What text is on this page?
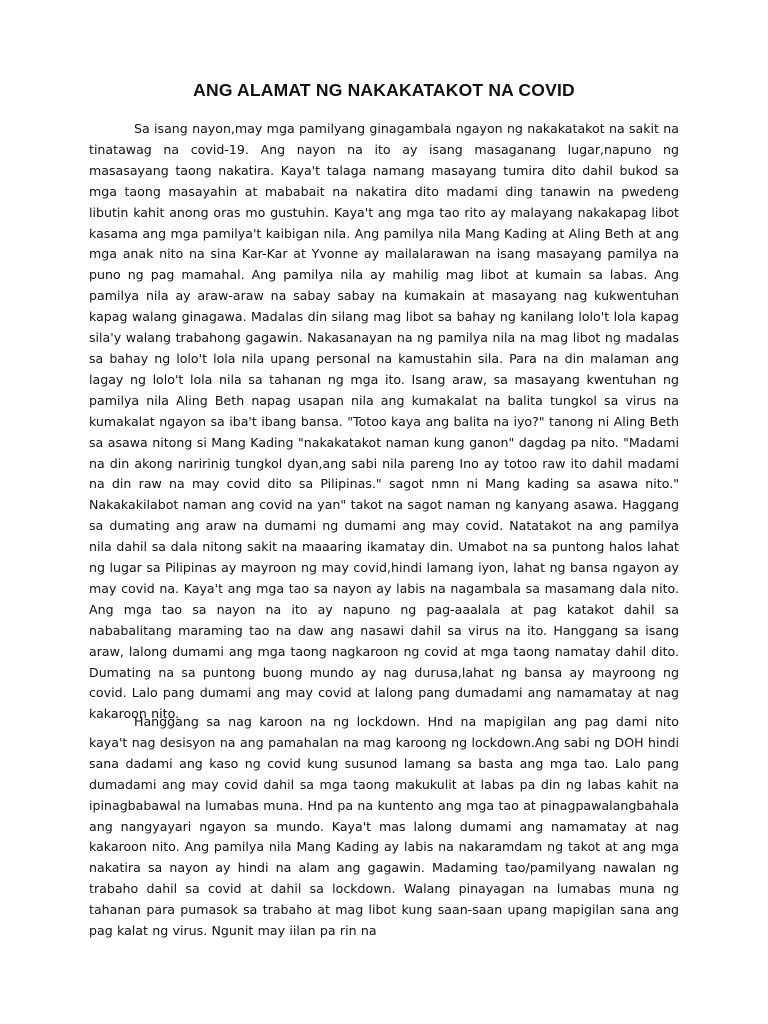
ANG ALAMAT NG NAKAKATAKOT NA COVID

Sa isang nayon,may mga pamilyang ginagambala ngayon ng nakakatakot na sakit na tinatawag na covid-19. Ang nayon na ito ay isang masaganang lugar,napuno ng masasayang taong nakatira. Kaya't talaga namang masayang tumira dito dahil bukod sa mga taong masayahin at mababait na nakatira dito madami ding tanawin na pwedeng libutin kahit anong oras mo gustuhin. Kaya't ang mga tao rito ay malayang nakakapag libot kasama ang mga pamilya't kaibigan nila. Ang pamilya nila Mang Kading at Aling Beth at ang mga anak nito na sina Kar-Kar at Yvonne ay mailalarawan na isang masayang pamilya na puno ng pag mamahal. Ang pamilya nila ay mahilig mag libot at kumain sa labas. Ang pamilya nila ay araw-araw na sabay sabay na kumakain at masayang nag kukwentuhan kapag walang ginagawa. Madalas din silang mag libot sa bahay ng kanilang lolo't lola kapag sila'y walang trabahong gagawin. Nakasanayan na ng pamilya nila na mag libot ng madalas sa bahay ng lolo't lola nila upang personal na kamustahin sila. Para na din malaman ang lagay ng lolo't lola nila sa tahanan ng mga ito. Isang araw, sa masayang kwentuhan ng pamilya nila Aling Beth napag usapan nila ang kumakalat na balita tungkol sa virus na kumakalat ngayon sa iba't ibang bansa. "Totoo kaya ang balita na iyo?" tanong ni Aling Beth sa asawa nitong si Mang Kading "nakakatakot naman kung ganon" dagdag pa nito. "Madami na din akong naririnig tungkol dyan,ang sabi nila pareng Ino ay totoo raw ito dahil madami na din raw na may covid dito sa Pilipinas." sagot nmn ni Mang kading sa asawa nito." Nakakakilabot naman ang covid na yan" takot na sagot naman ng kanyang asawa. Haggang sa dumating ang araw na dumami ng dumami ang may covid. Natatakot na ang pamilya nila dahil sa dala nitong sakit na maaaring ikamatay din. Umabot na sa puntong halos lahat ng lugar sa Pilipinas ay mayroon ng may covid,hindi lamang iyon, lahat ng bansa ngayon ay may covid na. Kaya't ang mga tao sa nayon ay labis na nagambala sa masamang dala nito. Ang mga tao sa nayon na ito ay napuno ng pag-aaalala at pag katakot dahil sa nababalitang maraming tao na daw ang nasawi dahil sa virus na ito. Hanggang sa isang araw, lalong dumami ang mga taong nagkaroon ng covid at mga taong namatay dahil dito. Dumating na sa puntong buong mundo ay nag durusa,lahat ng bansa ay mayroong ng covid. Lalo pang dumami ang may covid at lalong pang dumadami ang namamatay at nag kakaroon nito.

Hanggang sa nag karoon na ng lockdown. Hnd na mapigilan ang pag dami nito kaya't nag desisyon na ang pamahalan na mag karoong ng lockdown.Ang sabi ng DOH hindi sana dadami ang kaso ng covid kung susunod lamang sa basta ang mga tao. Lalo pang dumadami ang may covid dahil sa mga taong makukulit at labas pa din ng labas kahit na ipinagbabawal na lumabas muna. Hnd pa na kuntento ang mga tao at pinagpawalangbahala ang nangyayari ngayon sa mundo. Kaya't mas lalong dumami ang namamatay at nag kakaroon nito. Ang pamilya nila Mang Kading ay labis na nakaramdam ng takot at ang mga nakatira sa nayon ay hindi na alam ang gagawin. Madaming tao/pamilyang nawalan ng trabaho dahil sa covid at dahil sa lockdown. Walang pinayagan na lumabas muna ng tahanan para pumasok sa trabaho at mag libot kung saan-saan upang mapigilan sana ang pag kalat ng virus. Ngunit may iilan pa rin na
